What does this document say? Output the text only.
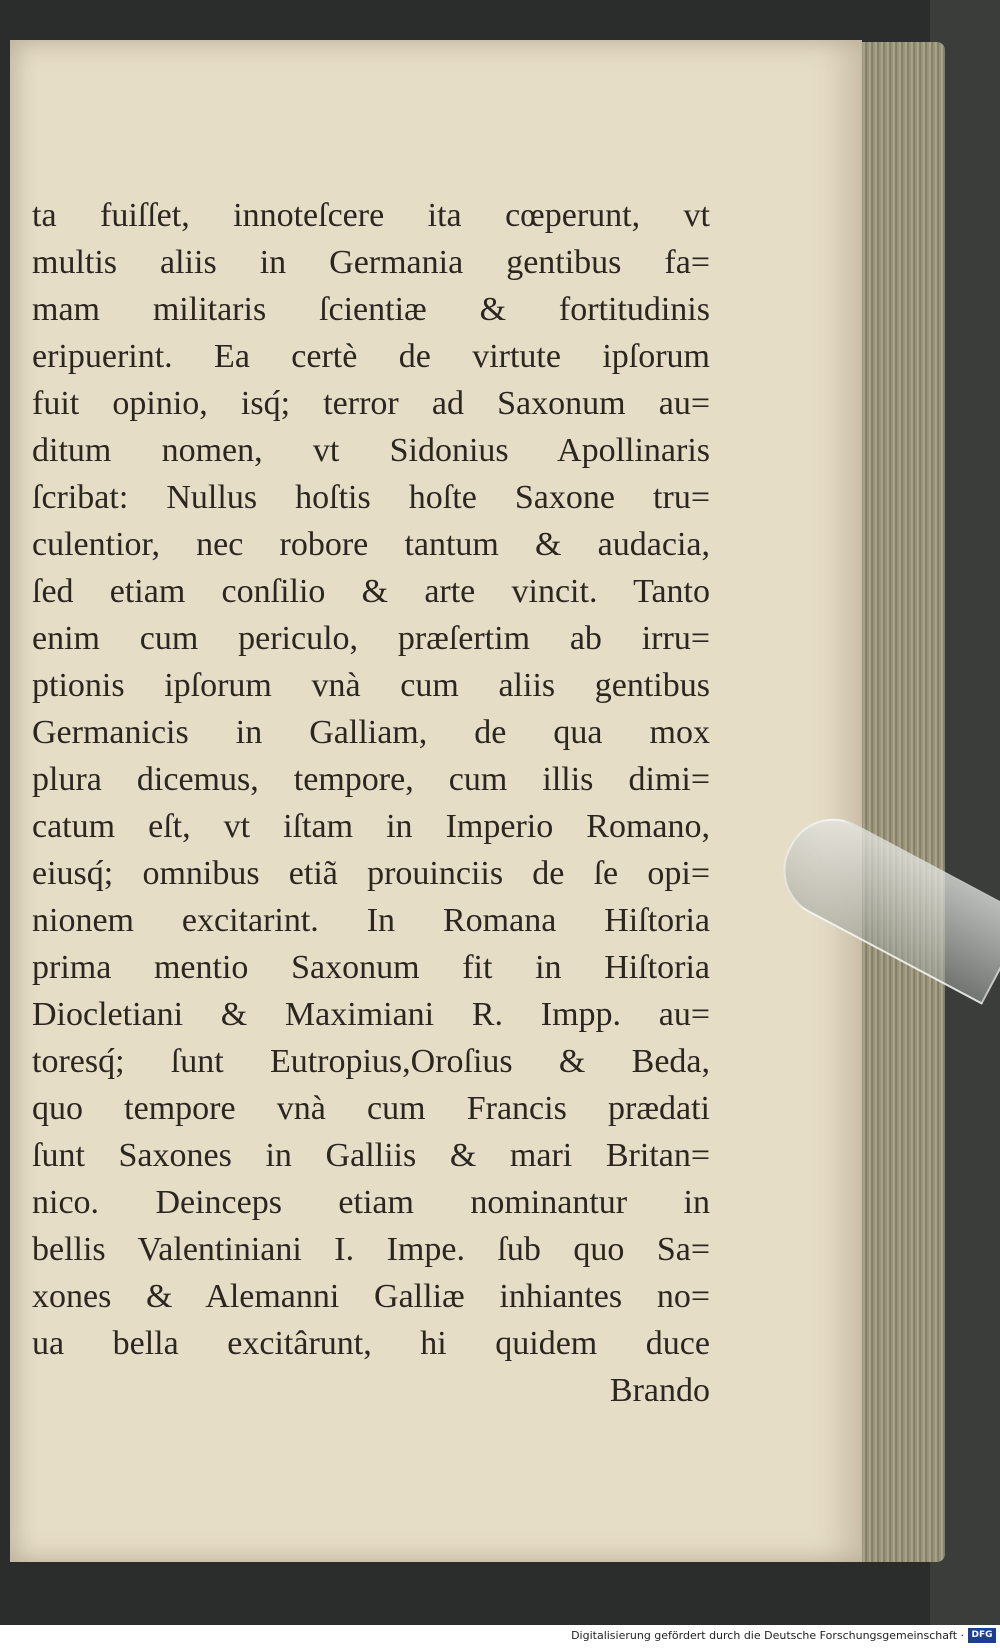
ta fuiſſet, innoteſcere ita cœperunt, vt
multis aliis in Germania gentibus fa=
mam militaris ſcientiæ & fortitudinis
eripuerint. Ea certè de virtute ipſorum
fuit opinio, isq́; terror ad Saxonum au=
ditum nomen, vt Sidonius Apollinaris
ſcribat: Nullus hoſtis hoſte Saxone tru=
culentior, nec robore tantum & audacia,
ſed etiam conſilio & arte vincit. Tanto
enim cum periculo, præſertim ab irru=
ptionis ipſorum vnà cum aliis gentibus
Germanicis in Galliam, de qua mox
plura dicemus, tempore, cum illis dimi=
catum eſt, vt iſtam in Imperio Romano,
eiusq́; omnibus etiã prouinciis de ſe opi=
nionem excitarint. In Romana Hiſtoria
prima mentio Saxonum fit in Hiſtoria
Diocletiani & Maximiani R. Impp. au=
toresq́; ſunt Eutropius,Oroſius & Beda,
quo tempore vnà cum Francis prædati
ſunt Saxones in Galliis & mari Britan=
nico. Deinceps etiam nominantur in
bellis Valentiniani I. Impe. ſub quo Sa=
xones & Alemanni Galliæ inhiantes no=
ua bella excitârunt, hi quidem duce
Brando
Digitalisierung gefördert durch die Deutsche Forschungsgemeinschaft · DFG
